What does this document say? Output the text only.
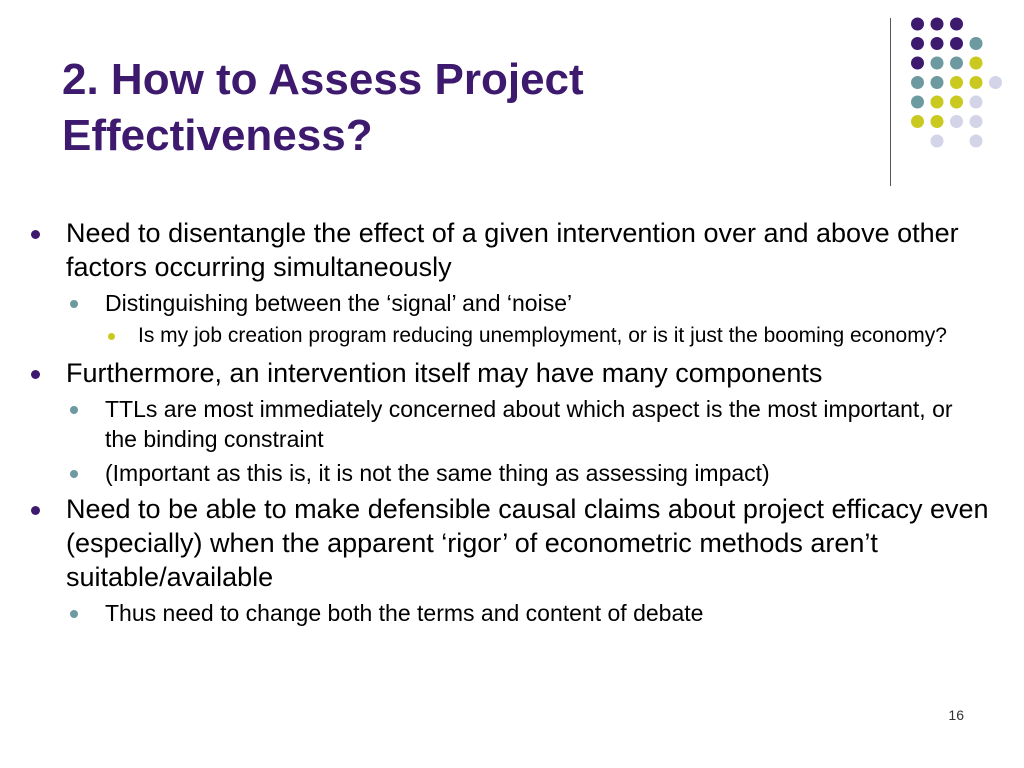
2. How to Assess Project Effectiveness?
Need to disentangle the effect of a given intervention over and above other factors occurring simultaneously
Distinguishing between the ‘signal’ and ‘noise’
Is my job creation program reducing unemployment, or is it just the booming economy?
Furthermore, an intervention itself may have many components
TTLs are most immediately concerned about which aspect is the most important, or the binding constraint
(Important as this is, it is not the same thing as assessing impact)
Need to be able to make defensible causal claims about project efficacy even (especially) when the apparent ‘rigor’ of econometric methods aren’t suitable/available
Thus need to change both the terms and content of debate
16
